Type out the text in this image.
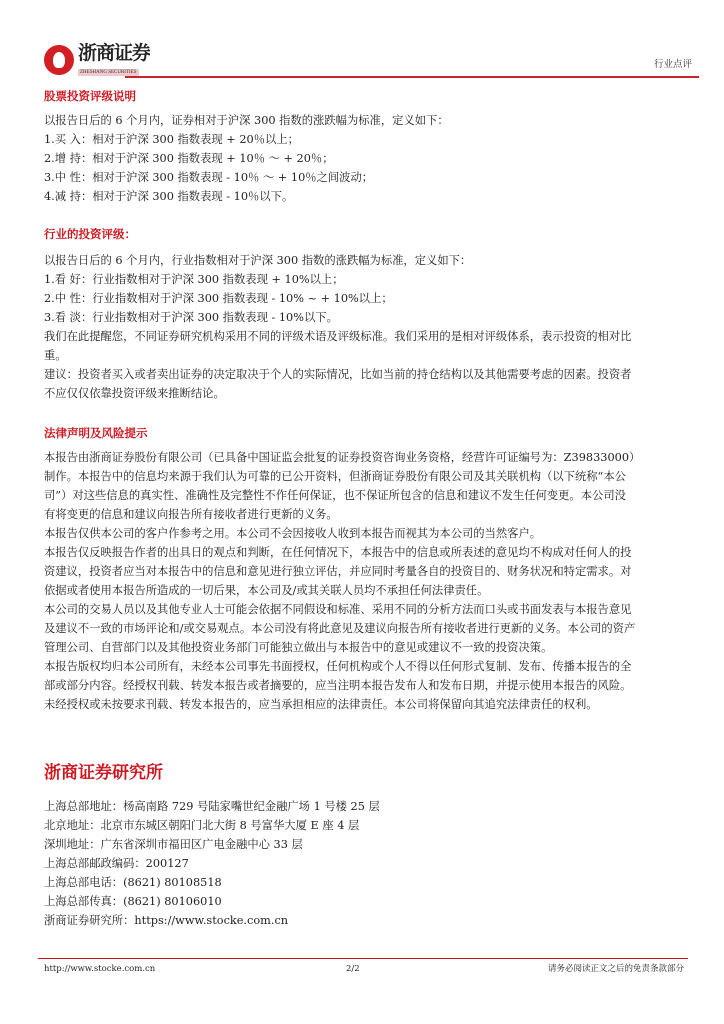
浙商证券
ZHESHANG SECURITIES
行业点评
股票投资评级说明
以报告日后的 6 个月内，证券相对于沪深 300 指数的涨跌幅为标准，定义如下：
1.买 入：相对于沪深 300 指数表现 + 20％以上；
2.增 持：相对于沪深 300 指数表现 + 10％ ～ + 20％；
3.中 性：相对于沪深 300 指数表现 - 10％ ～ + 10％之间波动；
4.减 持：相对于沪深 300 指数表现 - 10％以下。
行业的投资评级：
以报告日后的 6 个月内，行业指数相对于沪深 300 指数的涨跌幅为标准，定义如下：
1.看 好：行业指数相对于沪深 300 指数表现 + 10%以上；
2.中 性：行业指数相对于沪深 300 指数表现 - 10% ~ + 10%以上；
3.看 淡：行业指数相对于沪深 300 指数表现 - 10%以下。
我们在此提醒您，不同证券研究机构采用不同的评级术语及评级标准。我们采用的是相对评级体系，表示投资的相对比
重。
建议：投资者买入或者卖出证券的决定取决于个人的实际情况，比如当前的持仓结构以及其他需要考虑的因素。投资者
不应仅仅依靠投资评级来推断结论。
法律声明及风险提示
本报告由浙商证券股份有限公司（已具备中国证监会批复的证券投资咨询业务资格，经营许可证编号为：Z39833000）
制作。本报告中的信息均来源于我们认为可靠的已公开资料，但浙商证券股份有限公司及其关联机构（以下统称“本公
司”）对这些信息的真实性、准确性及完整性不作任何保证，也不保证所包含的信息和建议不发生任何变更。本公司没
有将变更的信息和建议向报告所有接收者进行更新的义务。
本报告仅供本公司的客户作参考之用。本公司不会因接收人收到本报告而视其为本公司的当然客户。
本报告仅反映报告作者的出具日的观点和判断，在任何情况下，本报告中的信息或所表述的意见均不构成对任何人的投
资建议，投资者应当对本报告中的信息和意见进行独立评估，并应同时考量各自的投资目的、财务状况和特定需求。对
依据或者使用本报告所造成的一切后果，本公司及/或其关联人员均不承担任何法律责任。
本公司的交易人员以及其他专业人士可能会依据不同假设和标准、采用不同的分析方法而口头或书面发表与本报告意见
及建议不一致的市场评论和/或交易观点。本公司没有将此意见及建议向报告所有接收者进行更新的义务。本公司的资产
管理公司、自营部门以及其他投资业务部门可能独立做出与本报告中的意见或建议不一致的投资决策。
本报告版权均归本公司所有，未经本公司事先书面授权，任何机构或个人不得以任何形式复制、发布、传播本报告的全
部或部分内容。经授权刊载、转发本报告或者摘要的，应当注明本报告发布人和发布日期，并提示使用本报告的风险。
未经授权或未按要求刊载、转发本报告的，应当承担相应的法律责任。本公司将保留向其追究法律责任的权利。
浙商证券研究所
上海总部地址：杨高南路 729 号陆家嘴世纪金融广场 1 号楼 25 层
北京地址：北京市东城区朝阳门北大街 8 号富华大厦 E 座 4 层
深圳地址：广东省深圳市福田区广电金融中心 33 层
上海总部邮政编码：200127
上海总部电话：(8621) 80108518
上海总部传真：(8621) 80106010
浙商证券研究所：https://www.stocke.com.cn
http://www.stocke.com.cn	2/2	请务必阅读正文之后的免责条款部分
